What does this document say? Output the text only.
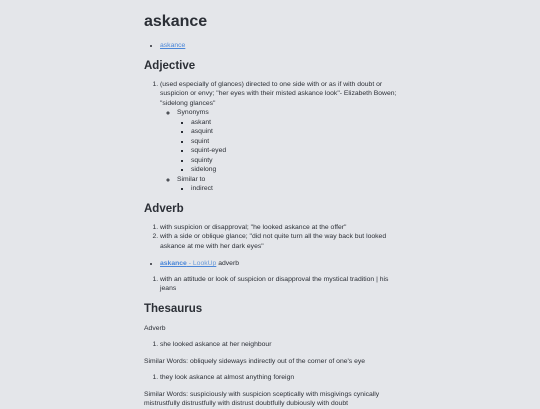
askance
• askance
Adjective
1. (used especially of glances) directed to one side with or as if with doubt or suspicion or envy; "her eyes with their misted askance look"- Elizabeth Bowen; "sidelong glances"
◦ Synonyms
▪ askant
▪ asquint
▪ squint
▪ squint-eyed
▪ squinty
▪ sidelong
◦ Similar to
▪ indirect
Adverb
1. with suspicion or disapproval; "he looked askance at the offer"
2. with a side or oblique glance; "did not quite turn all the way back but looked askance at me with her dark eyes"
• askance - LookUp adverb
1. with an attitude or look of suspicion or disapproval the mystical tradition | his jeans
Thesaurus

Adverb

1. she looked askance at her neighbour

Similar Words: obliquely sideways indirectly out of the corner of one's eye

1. they look askance at almost anything foreign

Similar Words: suspiciously with suspicion sceptically with misgivings cynically mistrustfully distrustfully with distrust doubtfully dubiously with doubt
